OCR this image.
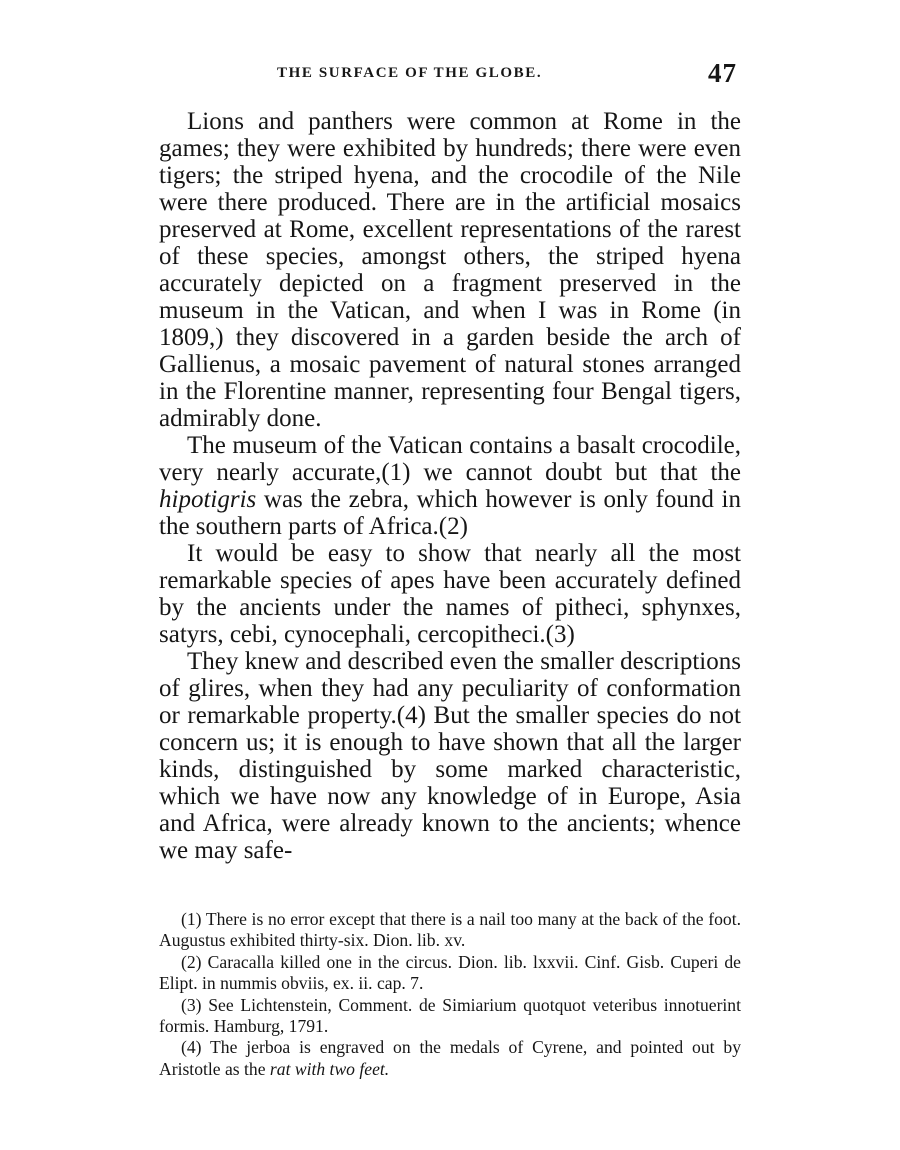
THE SURFACE OF THE GLOBE.	47

Lions and panthers were common at Rome in the games; they were exhibited by hundreds; there were even tigers; the striped hyena, and the crocodile of the Nile were there produced. There are in the artificial mosaics preserved at Rome, excellent representations of the rarest of these species, amongst others, the striped hyena accurately depicted on a fragment preserved in the museum in the Vatican, and when I was in Rome (in 1809,) they discovered in a garden beside the arch of Gallienus, a mosaic pavement of natural stones arranged in the Florentine manner, representing four Bengal tigers, admirably done.

The museum of the Vatican contains a basalt crocodile, very nearly accurate,(1) we cannot doubt but that the hipotigris was the zebra, which however is only found in the southern parts of Africa.(2)

It would be easy to show that nearly all the most remarkable species of apes have been accurately defined by the ancients under the names of pitheci, sphynxes, satyrs, cebi, cynocephali, cercopitheci.(3)

They knew and described even the smaller descriptions of glires, when they had any peculiarity of conformation or remarkable property.(4) But the smaller species do not concern us; it is enough to have shown that all the larger kinds, distinguished by some marked characteristic, which we have now any knowledge of in Europe, Asia and Africa, were already known to the ancients; whence we may safe-

(1) There is no error except that there is a nail too many at the back of the foot. Augustus exhibited thirty-six. Dion. lib. xv.

(2) Caracalla killed one in the circus. Dion. lib. lxxvii. Cinf. Gisb. Cuperi de Elipt. in nummis obviis, ex. ii. cap. 7.

(3) See Lichtenstein, Comment. de Simiarium quotquot veteribus innotuerint formis. Hamburg, 1791.

(4) The jerboa is engraved on the medals of Cyrene, and pointed out by Aristotle as the rat with two feet.
